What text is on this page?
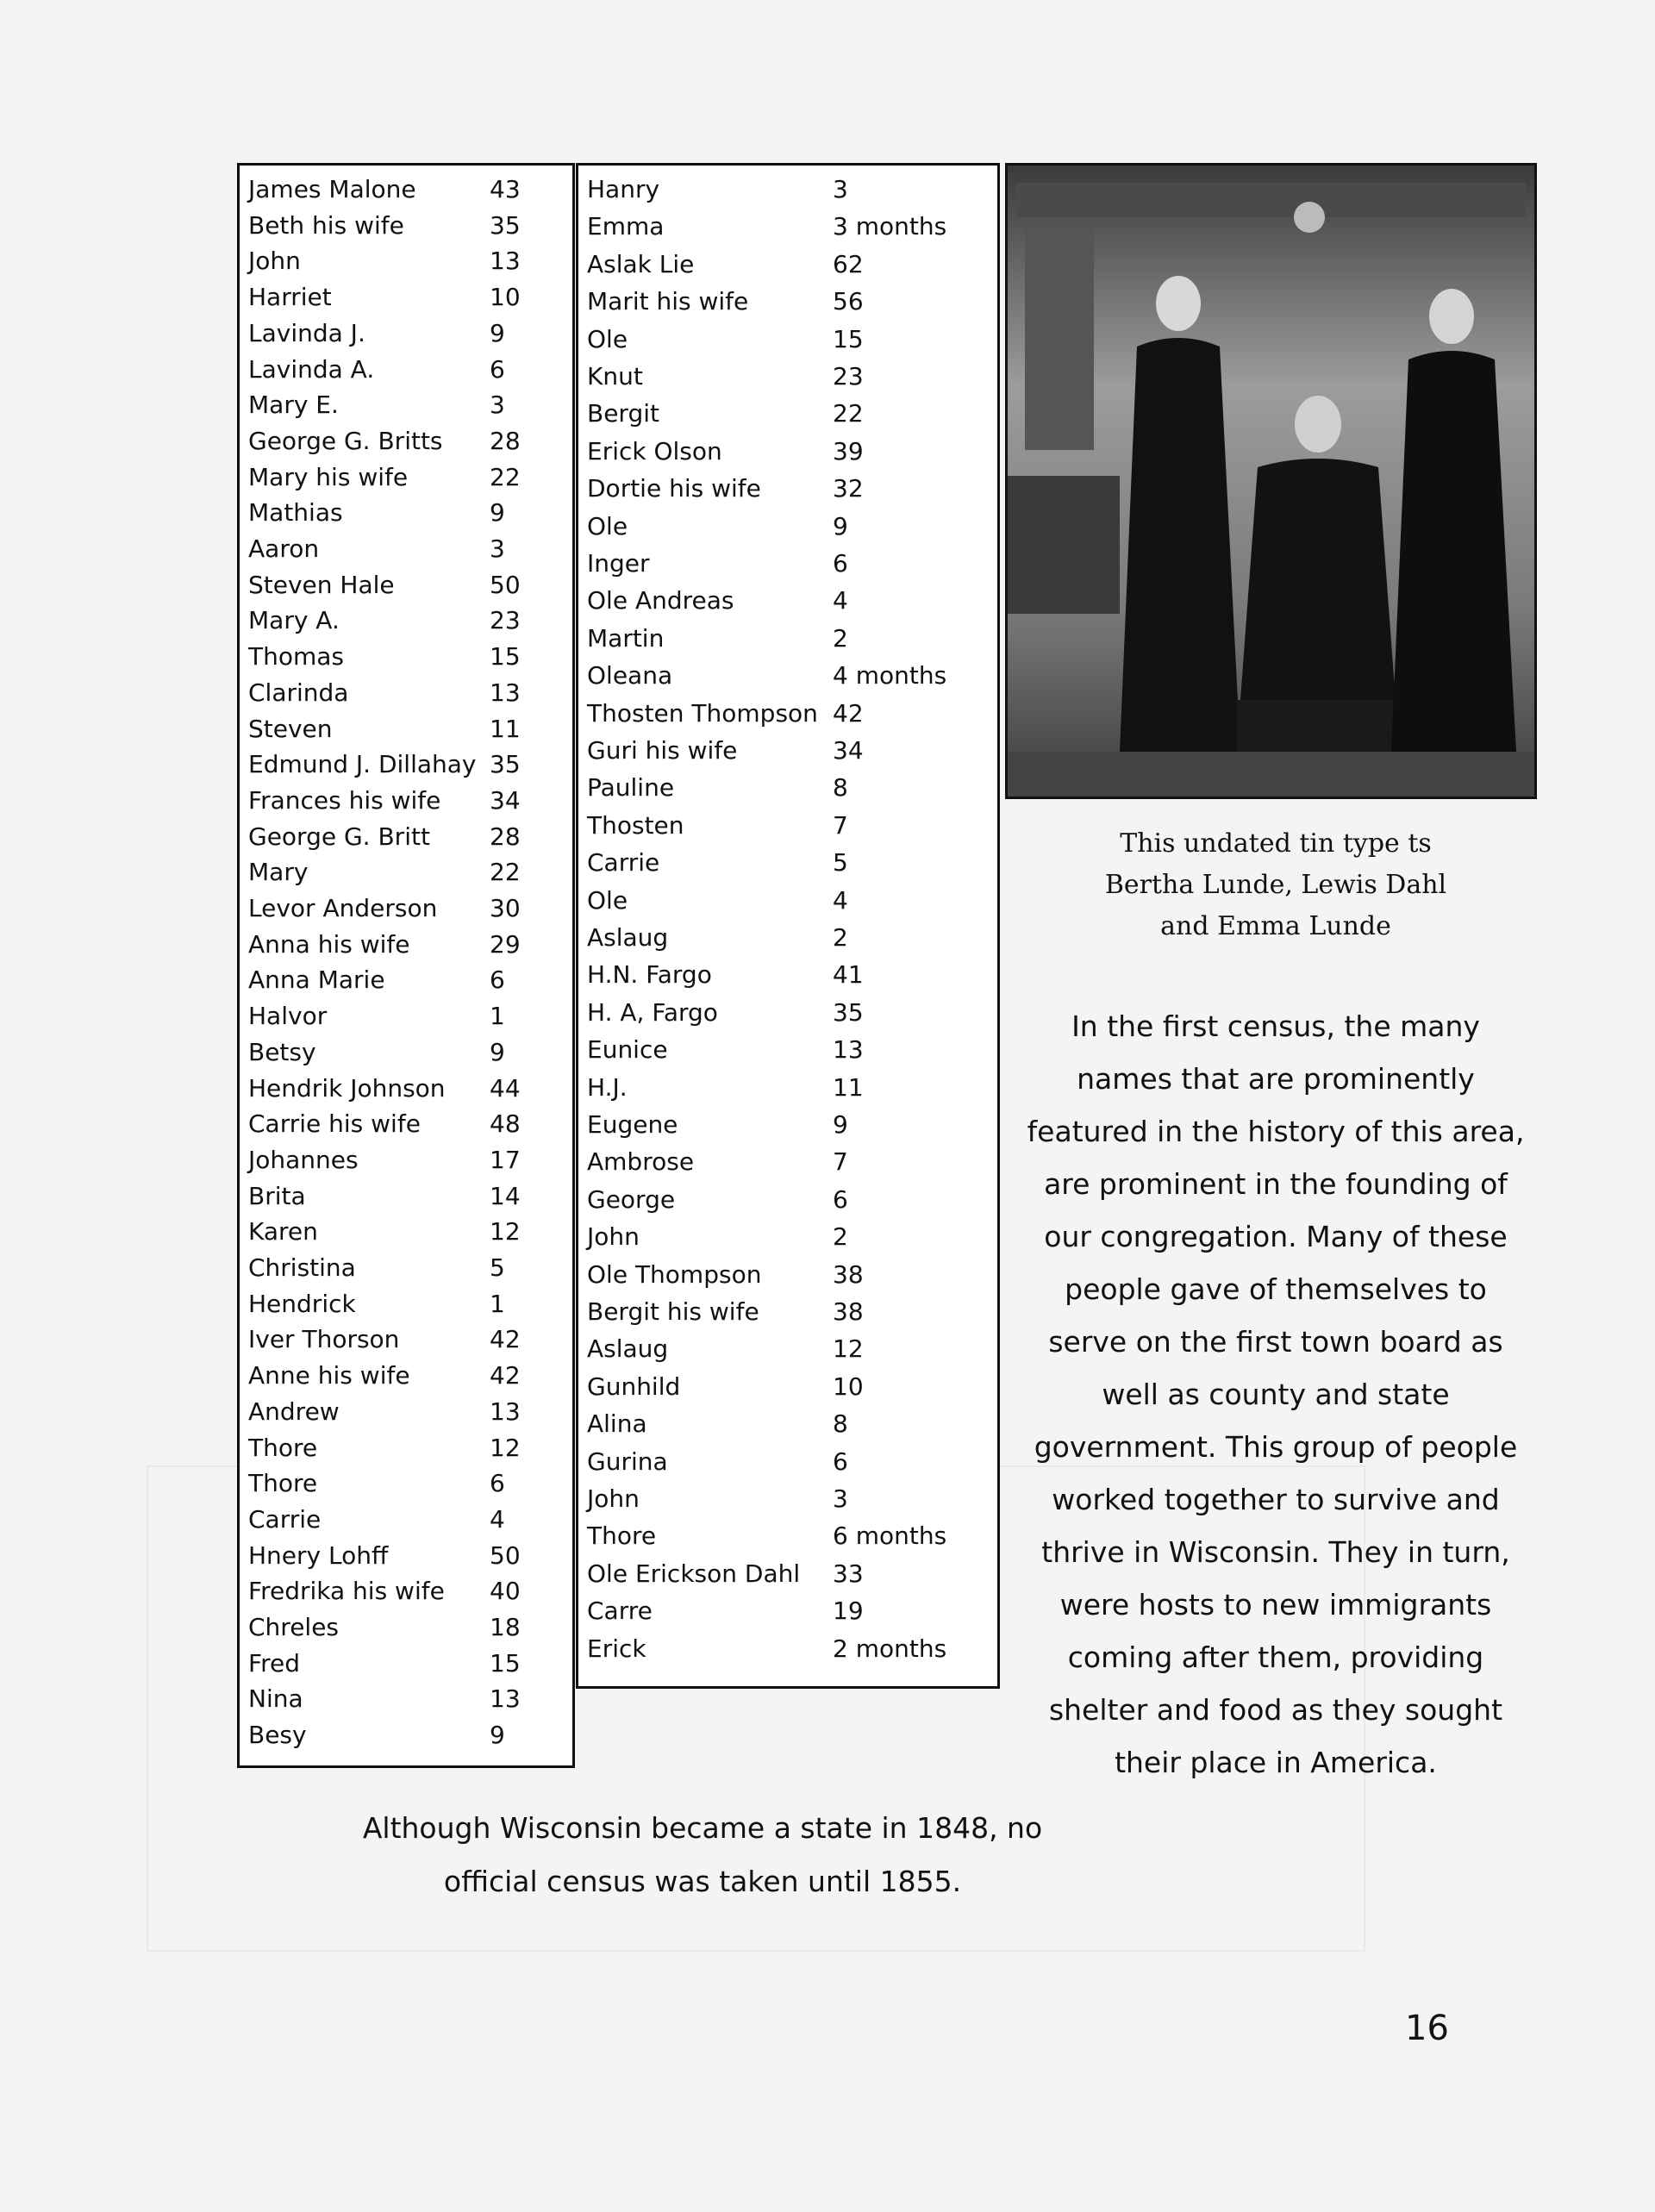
James Malone	43
Beth his wife	35
John	13
Harriet	10
Lavinda J.	9
Lavinda A.	6
Mary E.	3
George G. Britts 28
Mary his wife	22
Mathias	9
Aaron	3
Steven Hale	50
Mary A.	23
Thomas	15
Clarinda	13
Steven	11
Edmund J. Dillahay 35
Frances his wife 34
George G. Britt 28
Mary	22
Levor Anderson 30
Anna his wife	29
Anna Marie	6
Halvor	1
Betsy	9
Hendrik Johnson 44
Carrie his wife	48
Johannes	17
Brita	14
Karen	12
Christina	5
Hendrick	1
Iver Thorson	42
Anne his wife	42
Andrew	13
Thore	12
Thore	6
Carrie	4
Hnery Lohff	50
Fredrika his wife 40
Chreles	18
Fred	15
Nina	13
Besy	9
Hanry	3
Emma	3 months
Aslak Lie	62
Marit his wife	56
Ole	15
Knut	23
Bergit	22
Erick Olson	39
Dortie his wife	32
Ole	9
Inger	6
Ole Andreas	4
Martin	2
Oleana	4 months
Thosten Thompson 42
Guri his wife	34
Pauline	8
Thosten	7
Carrie	5
Ole	4
Aslaug	2
H.N. Fargo	41
H. A, Fargo	35
Eunice	13
H.J.	11
Eugene	9
Ambrose	7
George	6
John	2
Ole Thompson	38
Bergit his wife	38
Aslaug	12
Gunhild	10
Alina	8
Gurina	6
John	3
Thore	6 months
Ole Erickson Dahl 33
Carre	19
Erick	2 months
This undated tin type ts
Bertha Lunde, Lewis Dahl
and Emma Lunde
In the first census, the many
names that are prominently
featured in the history of this area,
are prominent in the founding of
our congregation. Many of these
people gave of themselves to
serve on the first town board as
well as county and state
government. This group of people
worked together to survive and
thrive in Wisconsin. They in turn,
were hosts to new immigrants
coming after them, providing
shelter and food as they sought
their place in America.
Although Wisconsin became a state in 1848, no
official census was taken until 1855.
16
